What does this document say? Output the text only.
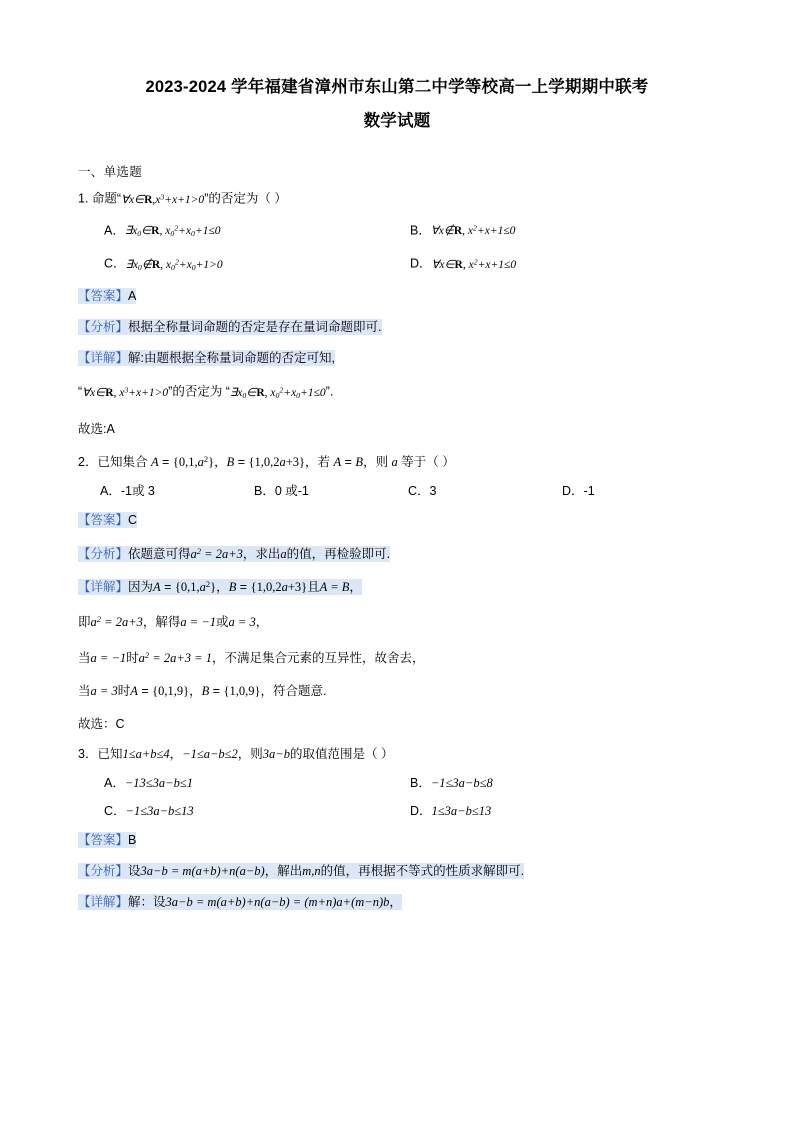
2023-2024 学年福建省漳州市东山第二中学等校高一上学期期中联考
数学试题
一、单选题
1. 命题“$\forall x\in R,x^3+x+1>0$”的否定为（ ）
A．$\exists x_0\in R$, $x_0^2+x_0+1\le 0$	B．∀x∉R, $x^2+x+1\le 0$
C．$\exists x_0\notin R$, $x_0^2+x_0+1>0$	D．∀x∈R, $x^2+x+1\le 0$
【答案】A
【分析】根据全称量词命题的否定是存在量词命题即可.
【详解】解:由题根据全称量词命题的否定可知,
“∀x∈R, $x^3+x+1>0$”的否定为 “$\exists x_0\in R$, $x_0^2+x_0+1\le 0$”.
故选:A
2．已知集合 $A = \{0,1,a^2\}$，B = {1,0,2a+3}，若 A = B，则 a 等于（ ）
A．-1或 3	B．0 或-1	C．3	D．-1
【答案】C
【分析】依题意可得$a^2 = 2a+3$，求出a的值，再检验即可.
【详解】因为$A = \{0,1,a^2\}$，B = {1,0,2a+3}且A = B，
即$a^2 = 2a+3$，解得a = −1或a = 3，
当a = −1时$a^2 = 2a+3 = 1$，不满足集合元素的互异性，故舍去，
当a = 3时A = {0,1,9}，B = {1,0,9}，符合题意.
故选：C
3．已知1≤a+b≤4，−1≤a−b≤2，则3a−b的取值范围是（ ）
A．−13≤3a−b≤1	B．−1≤3a−b≤8
C．−1≤3a−b≤13	D．1≤3a−b≤13
【答案】B
【分析】设3a−b = m(a+b)+n(a−b)，解出m,n的值，再根据不等式的性质求解即可.
【详解】解：设3a−b = m(a+b)+n(a−b) = (m+n)a+(m−n)b，
